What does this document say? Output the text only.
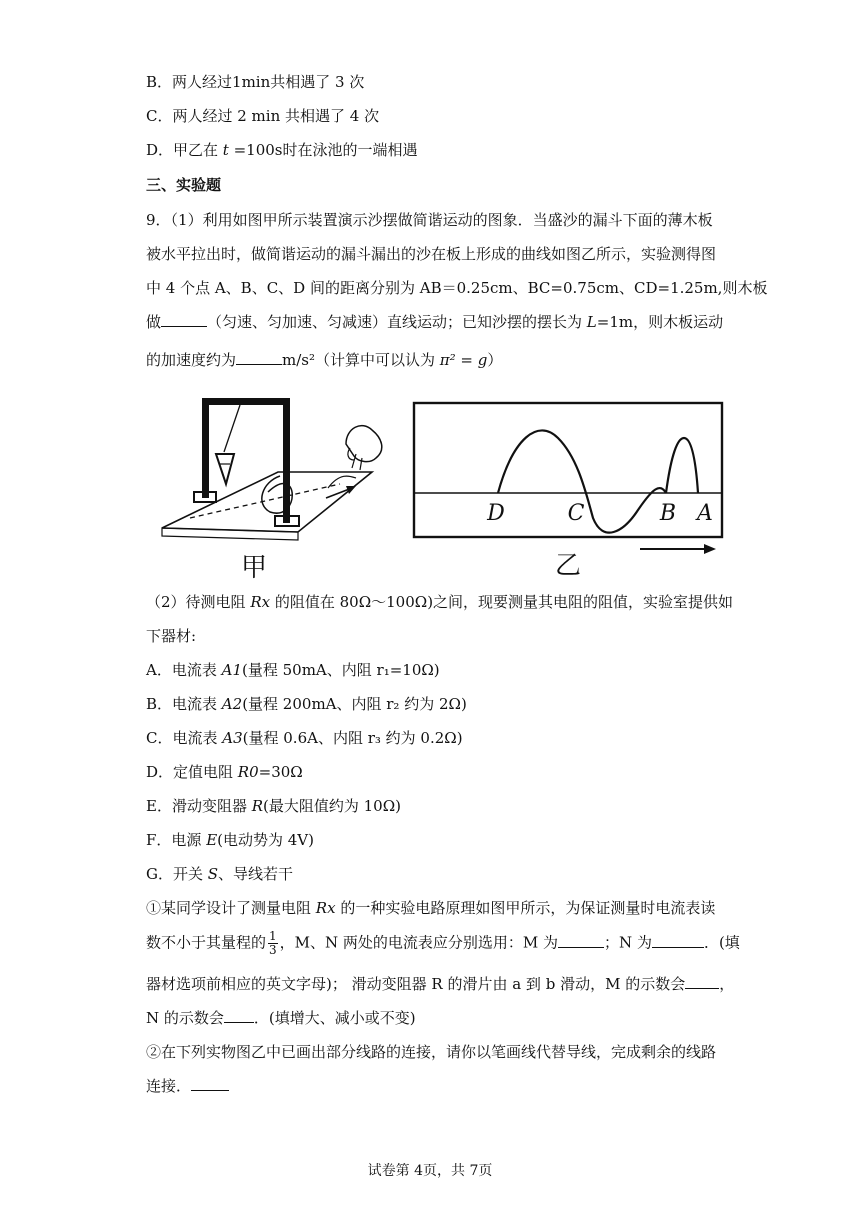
B．两人经过1min共相遇了 3 次
C．两人经过 2 min 共相遇了 4 次
D．甲乙在 t =100s时在泳池的一端相遇
三、实验题
9．（1）利用如图甲所示装置演示沙摆做简谐运动的图象．当盛沙的漏斗下面的薄木板
被水平拉出时，做简谐运动的漏斗漏出的沙在板上形成的曲线如图乙所示，实验测得图
中 4 个点 A、B、C、D 间的距离分别为 AB＝0.25cm、BC=0.75cm、CD=1.25m,则木板
做	（匀速、匀加速、匀减速）直线运动；已知沙摆的摆长为 L=1m，则木板运动
的加速度约为	m/s²（计算中可以认为 π² = g）
甲
D	C	B A
乙
（2）待测电阻 Rx 的阻值在 80Ω～100Ω)之间，现要测量其电阻的阻值，实验室提供如
下器材:
A．电流表 A1(量程 50mA、内阻 r₁=10Ω)
B．电流表 A2(量程 200mA、内阻 r₂ 约为 2Ω)
C．电流表 A3(量程 0.6A、内阻 r₃ 约为 0.2Ω)
D．定值电阻 R0=30Ω
E．滑动变阻器 R(最大阻值约为 10Ω)
F．电源 E(电动势为 4V)
G．开关 S、导线若干
①某同学设计了测量电阻 Rx 的一种实验电路原理如图甲所示，为保证测量时电流表读
数不小于其量程的 $\frac{1}{3}$ ，M、N 两处的电流表应分别选用：M 为	；N 为	．(填
器材选项前相应的英文字母)； 滑动变阻器 R 的滑片由 a 到 b 滑动，M 的示数会 ，
N 的示数会 ．(填增大、减小或不变)
②在下列实物图乙中已画出部分线路的连接，请你以笔画线代替导线，完成剩余的线路
连接．
试卷第 4页，共 7页
